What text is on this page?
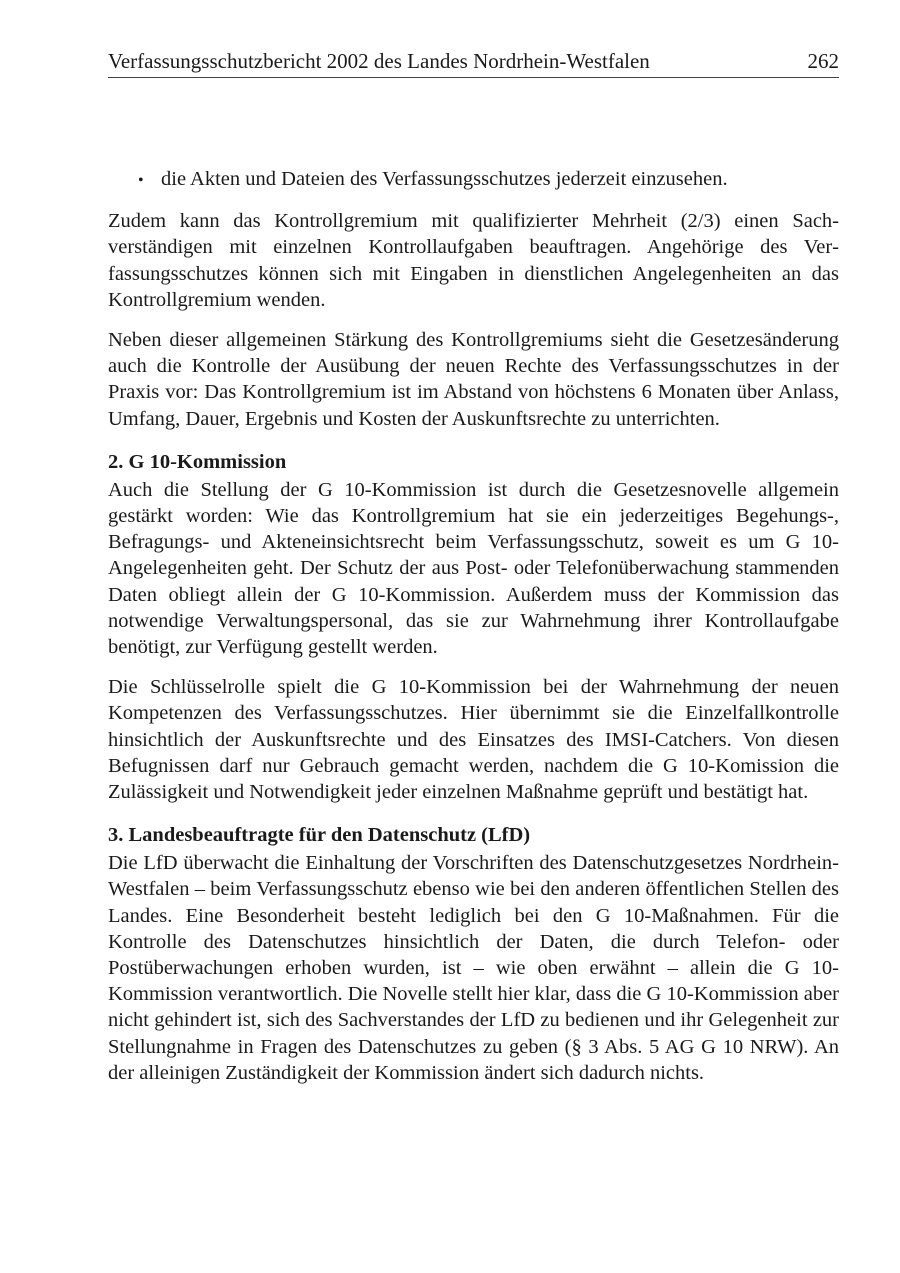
Verfassungsschutzbericht 2002 des Landes Nordrhein-Westfalen	262
• die Akten und Dateien des Verfassungsschutzes jederzeit einzusehen.

Zudem kann das Kontrollgremium mit qualifizierter Mehrheit (2/3) einen Sachverständigen mit einzelnen Kontrollaufgaben beauftragen. Angehörige des Verfassungsschutzes können sich mit Eingaben in dienstlichen Angelegenheiten an das Kontrollgremium wenden.

Neben dieser allgemeinen Stärkung des Kontrollgremiums sieht die Gesetzesänderung auch die Kontrolle der Ausübung der neuen Rechte des Verfassungsschutzes in der Praxis vor: Das Kontrollgremium ist im Abstand von höchstens 6 Monaten über Anlass, Umfang, Dauer, Ergebnis und Kosten der Auskunftsrechte zu unterrichten.

2. G 10-Kommission

Auch die Stellung der G 10-Kommission ist durch die Gesetzesnovelle allgemein gestärkt worden: Wie das Kontrollgremium hat sie ein jederzeitiges Begehungs-, Befragungs- und Akteneinsichtsrecht beim Verfassungsschutz, soweit es um G 10-Angelegenheiten geht. Der Schutz der aus Post- oder Telefonüberwachung stammenden Daten obliegt allein der G 10-Kommission. Außerdem muss der Kommission das notwendige Verwaltungspersonal, das sie zur Wahrnehmung ihrer Kontrollaufgabe benötigt, zur Verfügung gestellt werden.

Die Schlüsselrolle spielt die G 10-Kommission bei der Wahrnehmung der neuen Kompetenzen des Verfassungsschutzes. Hier übernimmt sie die Einzelfallkontrolle hinsichtlich der Auskunftsrechte und des Einsatzes des IMSI-Catchers. Von diesen Befugnissen darf nur Gebrauch gemacht werden, nachdem die G 10-Komission die Zulässigkeit und Notwendigkeit jeder einzelnen Maßnahme geprüft und bestätigt hat.

3. Landesbeauftragte für den Datenschutz (LfD)

Die LfD überwacht die Einhaltung der Vorschriften des Datenschutzgesetzes Nordrhein-Westfalen – beim Verfassungsschutz ebenso wie bei den anderen öffentlichen Stellen des Landes. Eine Besonderheit besteht lediglich bei den G 10-Maßnahmen. Für die Kontrolle des Datenschutzes hinsichtlich der Daten, die durch Telefon- oder Postüberwachungen erhoben wurden, ist – wie oben erwähnt – allein die G 10-Kommission verantwortlich. Die Novelle stellt hier klar, dass die G 10-Kommission aber nicht gehindert ist, sich des Sachverstandes der LfD zu bedienen und ihr Gelegenheit zur Stellungnahme in Fragen des Datenschutzes zu geben (§ 3 Abs. 5 AG G 10 NRW). An der alleinigen Zuständigkeit der Kommission ändert sich dadurch nichts.
